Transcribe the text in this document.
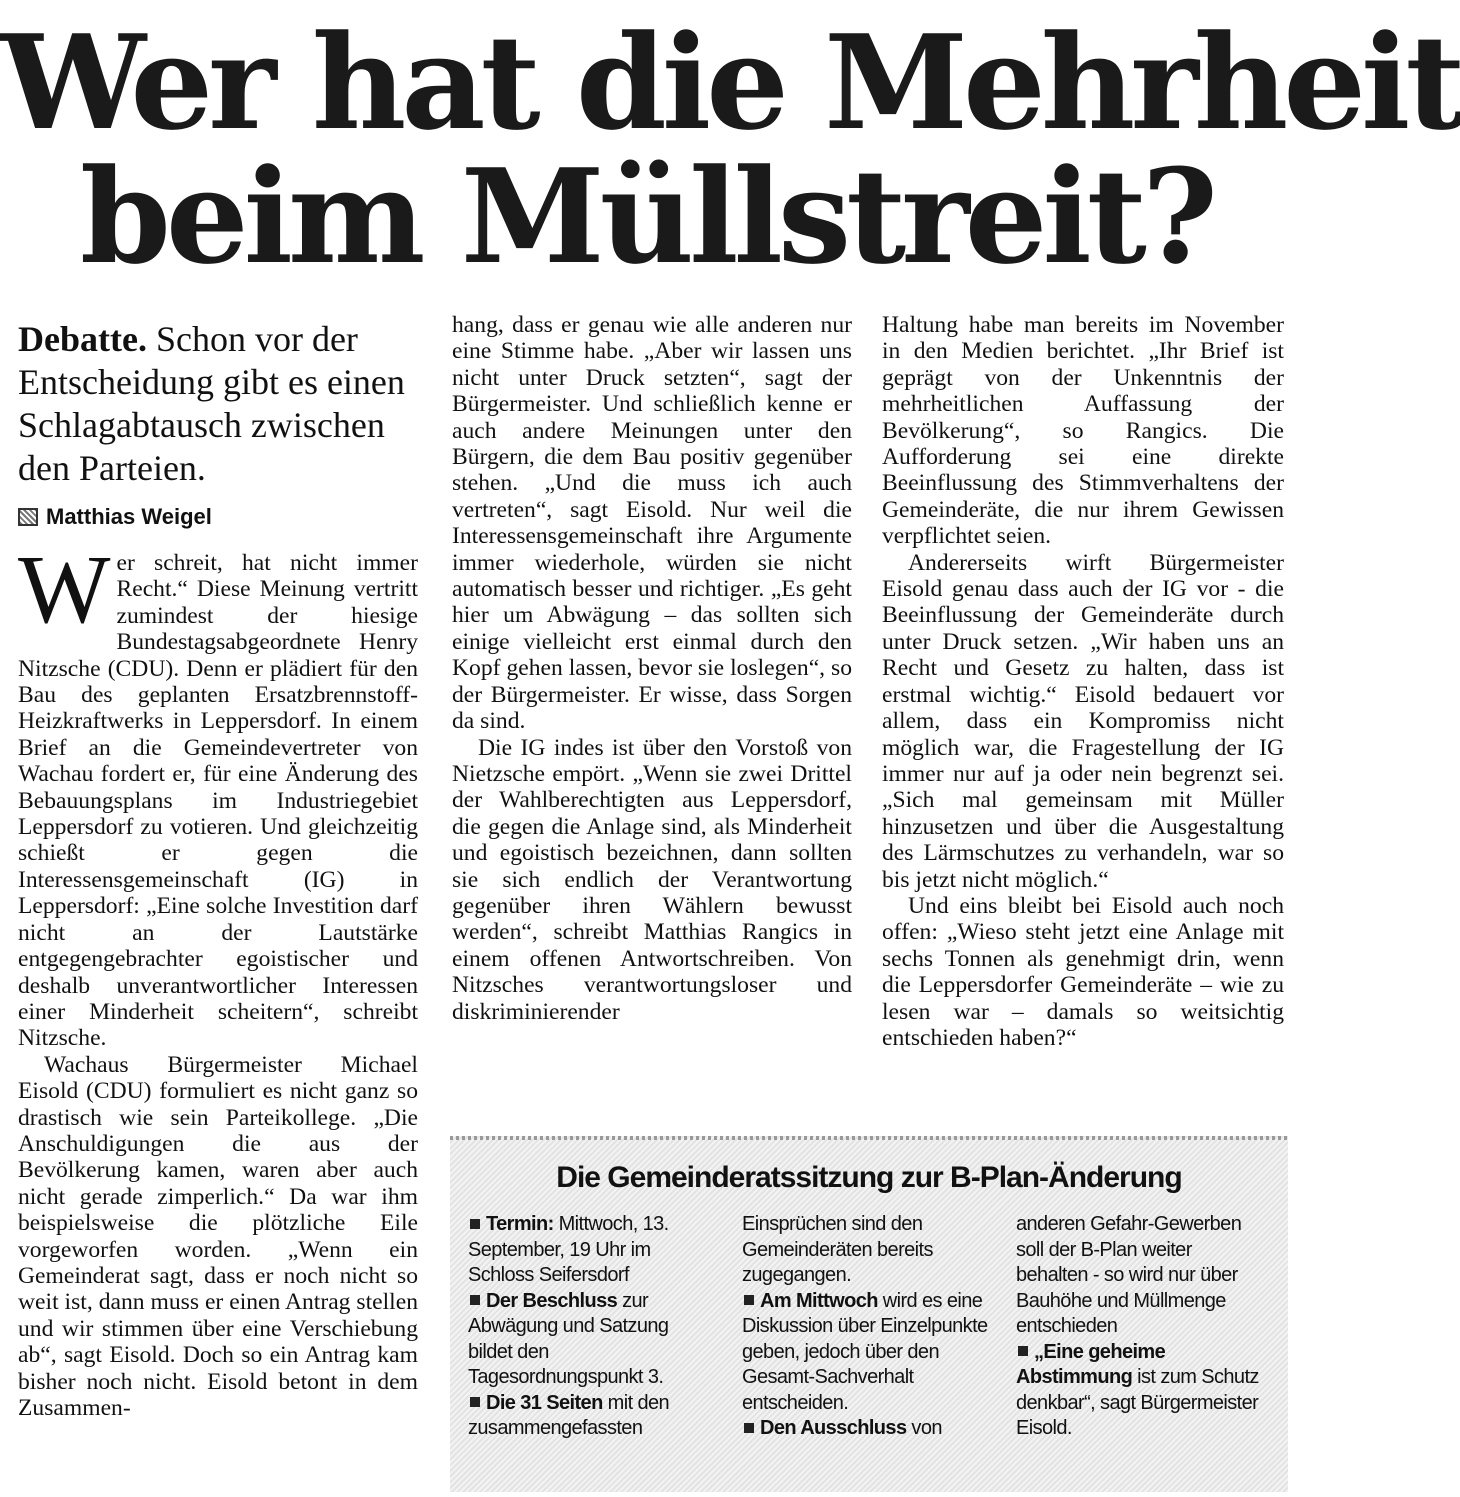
Wer hat die Mehrheit
beim Müllstreit?
Debatte. Schon vor der Entscheidung gibt es einen Schlagabtausch zwischen den Parteien.
Matthias Weigel

Wer schreit, hat nicht immer Recht.“ Diese Meinung vertritt zumindest der hiesige Bundestagsabgeordnete Henry Nitzsche (CDU). Denn er plädiert für den Bau des geplanten Ersatzbrennstoff-Heizkraftwerks in Leppersdorf. In einem Brief an die Gemeindevertreter von Wachau fordert er, für eine Änderung des Bebauungsplans im Industriegebiet Leppersdorf zu votieren. Und gleichzeitig schießt er gegen die Interessensgemeinschaft (IG) in Leppersdorf: „Eine solche Investition darf nicht an der Lautstärke entgegengebrachter egoistischer und deshalb unverantwortlicher Interessen einer Minderheit scheitern“, schreibt Nitzsche.

Wachaus Bürgermeister Michael Eisold (CDU) formuliert es nicht ganz so drastisch wie sein Parteikollege. „Die Anschuldigungen die aus der Bevölkerung kamen, waren aber auch nicht gerade zimperlich.“ Da war ihm beispielsweise die plötzliche Eile vorgeworfen worden. „Wenn ein Gemeinderat sagt, dass er noch nicht so weit ist, dann muss er einen Antrag stellen und wir stimmen über eine Verschiebung ab“, sagt Eisold. Doch so ein Antrag kam bisher noch nicht. Eisold betont in dem Zusammen-

hang, dass er genau wie alle anderen nur eine Stimme habe. „Aber wir lassen uns nicht unter Druck setzten“, sagt der Bürgermeister. Und schließlich kenne er auch andere Meinungen unter den Bürgern, die dem Bau positiv gegenüber stehen. „Und die muss ich auch vertreten“, sagt Eisold. Nur weil die Interessensgemeinschaft ihre Argumente immer wiederhole, würden sie nicht automatisch besser und richtiger. „Es geht hier um Abwägung – das sollten sich einige vielleicht erst einmal durch den Kopf gehen lassen, bevor sie loslegen“, so der Bürgermeister. Er wisse, dass Sorgen da sind.

Die IG indes ist über den Vorstoß von Nietzsche empört. „Wenn sie zwei Drittel der Wahlberechtigten aus Leppersdorf, die gegen die Anlage sind, als Minderheit und egoistisch bezeichnen, dann sollten sie sich endlich der Verantwortung gegenüber ihren Wählern bewusst werden“, schreibt Matthias Rangics in einem offenen Antwortschreiben. Von Nitzsches verantwortungsloser und diskriminierender

Haltung habe man bereits im November in den Medien berichtet. „Ihr Brief ist geprägt von der Unkenntnis der mehrheitlichen Auffassung der Bevölkerung“, so Rangics. Die Aufforderung sei eine direkte Beeinflussung des Stimmverhaltens der Gemeinderäte, die nur ihrem Gewissen verpflichtet seien.

Andererseits wirft Bürgermeister Eisold genau dass auch der IG vor - die Beeinflussung der Gemeinderäte durch unter Druck setzen. „Wir haben uns an Recht und Gesetz zu halten, dass ist erstmal wichtig.“ Eisold bedauert vor allem, dass ein Kompromiss nicht möglich war, die Fragestellung der IG immer nur auf ja oder nein begrenzt sei. „Sich mal gemeinsam mit Müller hinzusetzen und über die Ausgestaltung des Lärmschutzes zu verhandeln, war so bis jetzt nicht möglich.“

Und eins bleibt bei Eisold auch noch offen: „Wieso steht jetzt eine Anlage mit sechs Tonnen als genehmigt drin, wenn die Leppersdorfer Gemeinderäte – wie zu lesen war – damals so weitsichtig entschieden haben?“

Die Gemeinderatssitzung zur B-Plan-Änderung

Termin: Mittwoch, 13. September, 19 Uhr im Schloss Seifersdorf

Der Beschluss zur Abwägung und Satzung bildet den Tagesordnungspunkt 3.

Die 31 Seiten mit den zusammengefassten

Einsprüchen sind den Gemeinderäten bereits zugegangen.

Am Mittwoch wird es eine Diskussion über Einzelpunkte geben, jedoch über den Gesamt-Sachverhalt entscheiden.

Den Ausschluss von

anderen Gefahr-Gewerben soll der B-Plan weiter behalten - so wird nur über Bauhöhe und Müllmenge entschieden

„Eine geheime Abstimmung ist zum Schutz denkbar“, sagt Bürgermeister Eisold.
